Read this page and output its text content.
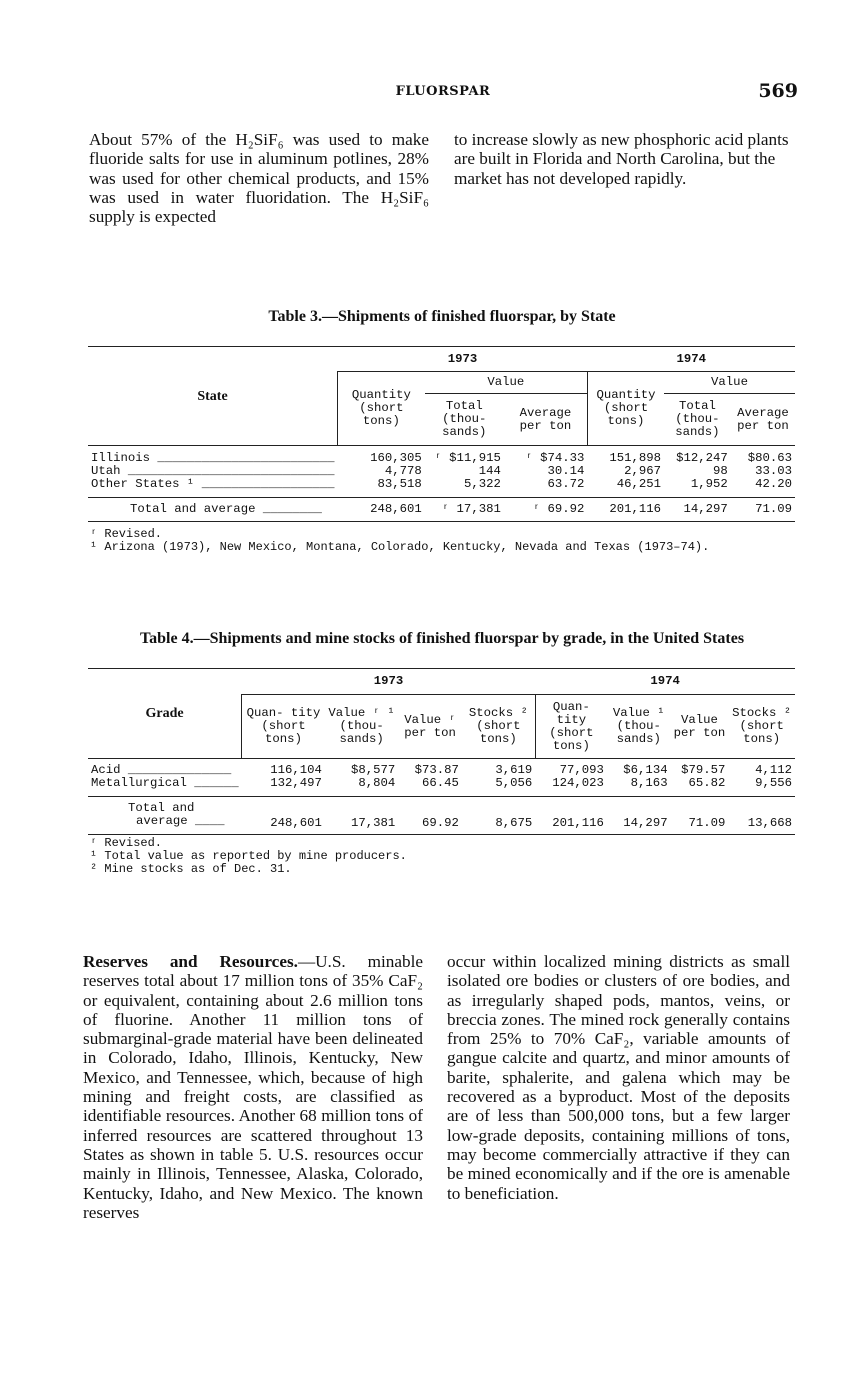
FLUORSPAR	569

About 57% of the H₂SiF₆ was used to make fluoride salts for use in aluminum potlines, 28% was used for other chemical products, and 15% was used in water fluoridation. The H₂SiF₆ supply is expected

to increase slowly as new phosphoric acid plants are built in Florida and North Carolina, but the market has not developed rapidly.

Table 3.—Shipments of finished fluorspar, by State
State	1973			1974		
	Quantity (short tons)	Value		Quantity (short tons)	Value	
		Total (thou- sands)	Average per ton		Total (thou- sands)	Average per ton

Illinois ________________________	160,305	ʳ $11,915	ʳ $74.33	151,898	$12,247	$80.63
Utah ____________________________	4,778	144	30.14	2,967	98	33.03
Other States ¹ __________________	83,518	5,322	63.72	46,251	1,952	42.20
Total and average ________	248,601	ʳ 17,381	ʳ 69.92	201,116	14,297	71.09
ʳ Revised.
¹ Arizona (1973), New Mexico, Montana, Colorado, Kentucky, Nevada and Texas (1973–74).
Table 4.—Shipments and mine stocks of finished fluorspar by grade, in the United States
Grade	1973				1974			
	Quan- tity (short tons)	Value ʳ ¹ (thou- sands)	Value ʳ per ton	Stocks ² (short tons)	Quan- tity (short tons)	Value ¹ (thou- sands)	Value per ton	Stocks ² (short tons)

Acid ______________	116,104	$8,577	$73.87	3,619	77,093	$6,134	$79.57	4,112
Metallurgical ______	132,497	8,804	66.45	5,056	124,023	8,163	65.82	9,556

Total and
average ____	248,601	17,381	69.92	8,675	201,116	14,297	71.09	13,668
ʳ Revised.
¹ Total value as reported by mine producers.
² Mine stocks as of Dec. 31.

Reserves and Resources.—U.S. minable reserves total about 17 million tons of 35% CaF₂ or equivalent, containing about 2.6 million tons of fluorine. Another 11 million tons of submarginal-grade material have been delineated in Colorado, Idaho, Illinois, Kentucky, New Mexico, and Tennessee, which, because of high mining and freight costs, are classified as identifiable resources. Another 68 million tons of inferred resources are scattered throughout 13 States as shown in table 5. U.S. resources occur mainly in Illinois, Tennessee, Alaska, Colorado, Kentucky, Idaho, and New Mexico. The known reserves

occur within localized mining districts as small isolated ore bodies or clusters of ore bodies, and as irregularly shaped pods, mantos, veins, or breccia zones. The mined rock generally contains from 25% to 70% CaF₂, variable amounts of gangue calcite and quartz, and minor amounts of barite, sphalerite, and galena which may be recovered as a byproduct. Most of the deposits are of less than 500,000 tons, but a few larger low-grade deposits, containing millions of tons, may become commercially attractive if they can be mined economically and if the ore is amenable to beneficiation.
